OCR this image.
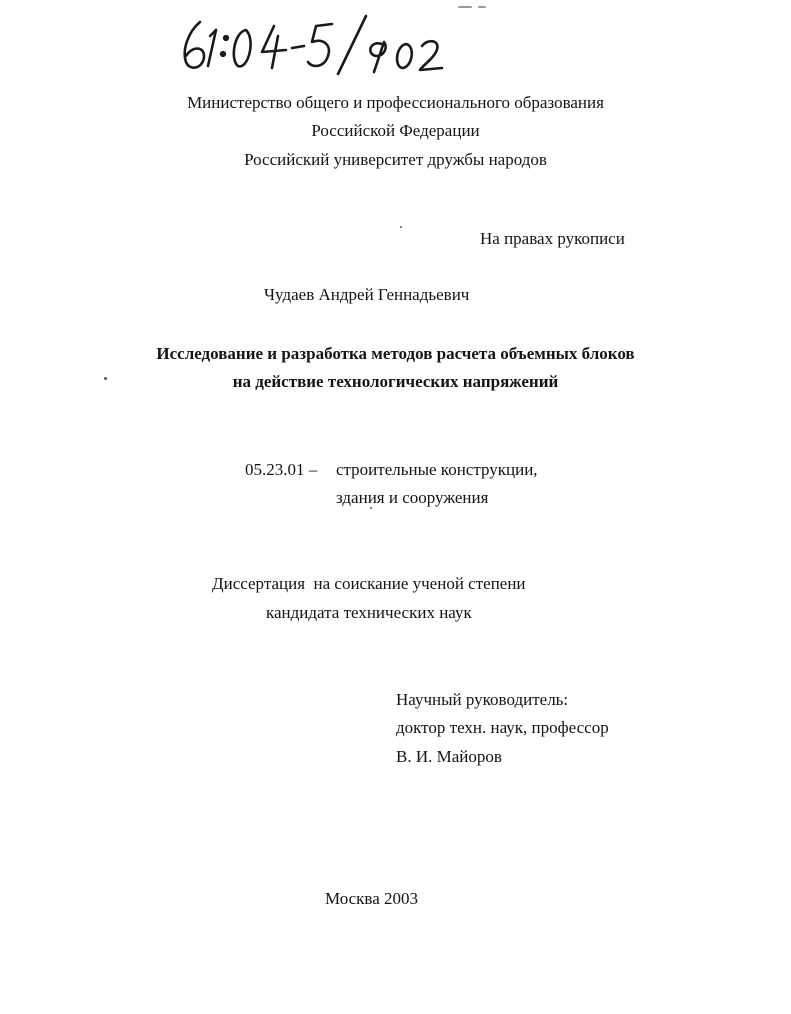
Министерство общего и профессионального образования
Российской Федерации
Российский университет дружбы народов
На правах рукописи
Чудаев Андрей Геннадьевич
Исследование и разработка методов расчета объемных блоков
на действие технологических напряжений
05.23.01 – строительные конструкции,
здания и сооружения
Диссертация  на соискание ученой степени
кандидата технических наук
Научный руководитель:
доктор техн. наук, профессор
В. И. Майоров
Москва 2003
